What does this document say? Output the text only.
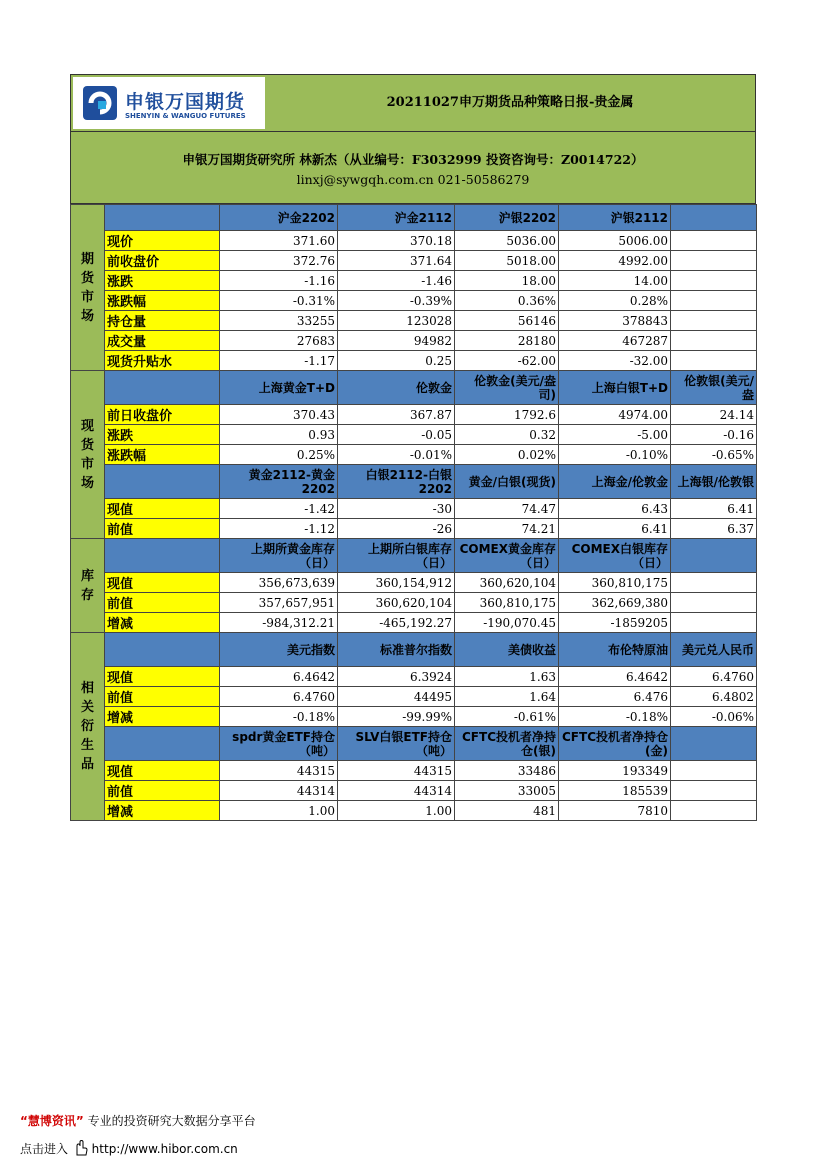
申银万国期货
SHENYIN & WANGUO FUTURES
20211027申万期货品种策略日报-贵金属
申银万国期货研究所 林新杰（从业编号：F3032999 投资咨询号：Z0014722）
linxj@sywgqh.com.cn 021-50586279
期货市场		沪金2202	沪金2112	沪银2202	沪银2112	
	现价	371.60	370.18	5036.00	5006.00	
	前收盘价	372.76	371.64	5018.00	4992.00	
	涨跌	-1.16	-1.46	18.00	14.00	
	涨跌幅	-0.31%	-0.39%	0.36%	0.28%	
	持仓量	33255	123028	56146	378843	
	成交量	27683	94982	28180	467287	
	现货升贴水	-1.17	0.25	-62.00	-32.00	
现货市场		上海黄金T+D	伦敦金	伦敦金(美元/盎司)	上海白银T+D	伦敦银(美元/盎
	前日收盘价	370.43	367.87	1792.6	4974.00	24.14
	涨跌	0.93	-0.05	0.32	-5.00	-0.16
	涨跌幅	0.25%	-0.01%	0.02%	-0.10%	-0.65%
		黄金2112-黄金2202	白银2112-白银2202	黄金/白银(现货)	上海金/伦敦金	上海银/伦敦银
	现值	-1.42	-30	74.47	6.43	6.41
	前值	-1.12	-26	74.21	6.41	6.37
库存		上期所黄金库存（日）	上期所白银库存（日）	COMEX黄金库存（日）	COMEX白银库存（日）	
	现值	356,673,639	360,154,912	360,620,104	360,810,175	
	前值	357,657,951	360,620,104	360,810,175	362,669,380	
	增减	-984,312.21	-465,192.27	-190,070.45	-1859205	
相关衍生品		美元指数	标准普尔指数	美债收益	布伦特原油	美元兑人民币
	现值	6.4642	6.3924	1.63	6.4642	6.4760
	前值	6.4760	44495	1.64	6.476	6.4802
	增减	-0.18%	-99.99%	-0.61%	-0.18%	-0.06%
		spdr黄金ETF持仓（吨）	SLV白银ETF持仓（吨）	CFTC投机者净持仓(银)	CFTC投机者净持仓(金)	
	现值	44315	44315	33486	193349	
	前值	44314	44314	33005	185539	
	增减	1.00	1.00	481	7810	
“慧博资讯” 专业的投资研究大数据分享平台
点击进入 http://www.hibor.com.cn
